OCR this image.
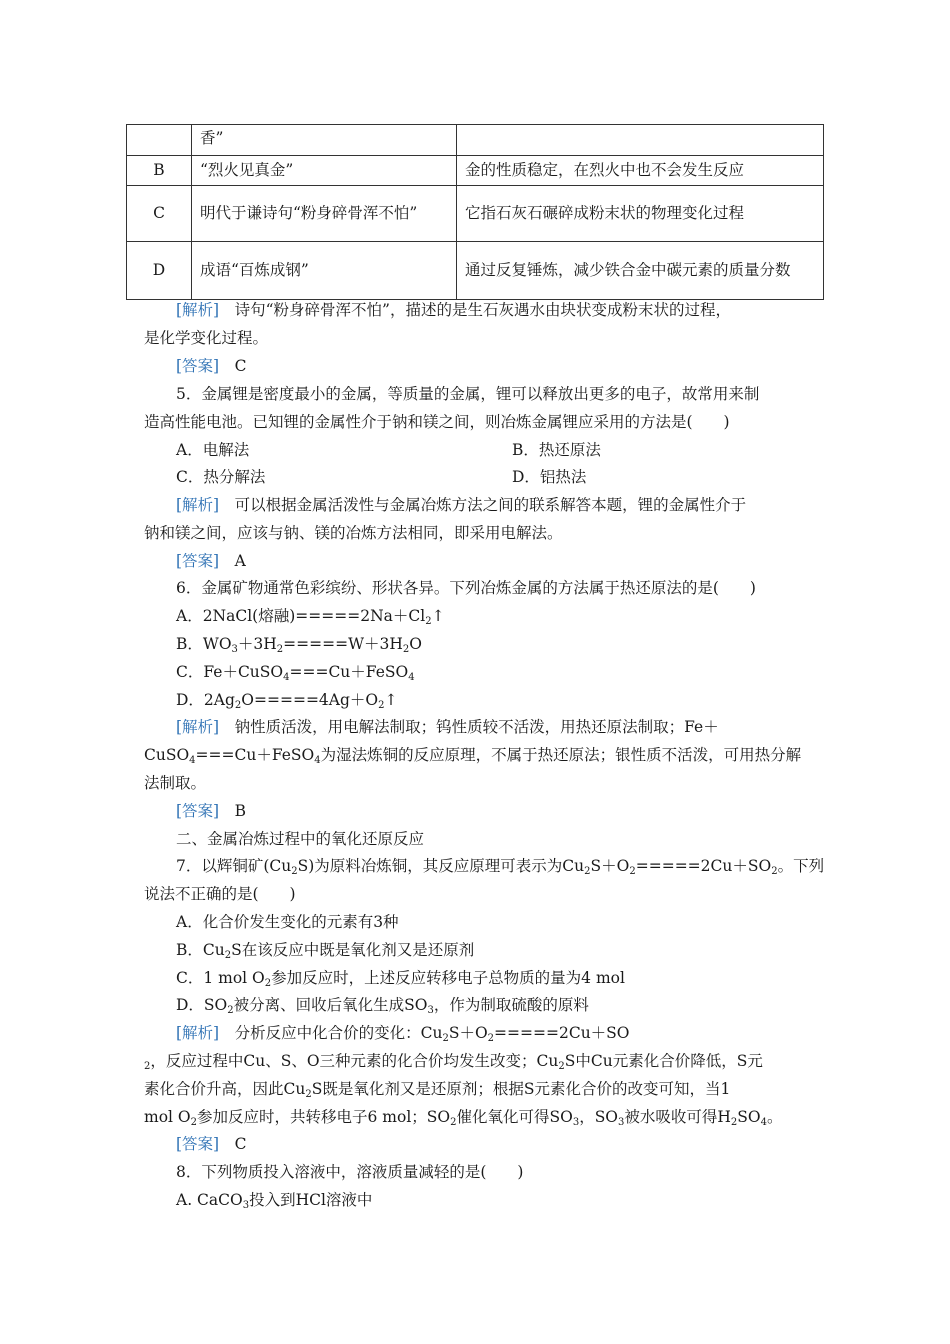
	香”	
B	“烈火见真金”	金的性质稳定，在烈火中也不会发生反应
C	明代于谦诗句“粉身碎骨浑不怕”	它指石灰石碾碎成粉末状的物理变化过程
D	成语“百炼成钢”	通过反复锤炼，减少铁合金中碳元素的质量分数
[解析]　 诗句“粉身碎骨浑不怕”，描述的是生石灰遇水由块状变成粉末状的过程，
是化学变化过程。
[答案]　 C
5．金属锂是密度最小的金属，等质量的金属，锂可以释放出更多的电子，故常用来制
造高性能电池。已知锂的金属性介于钠和镁之间，则冶炼金属锂应采用的方法是(　　)
A．电解法	B．热还原法
C．热分解法	D．铝热法
[解析]　 可以根据金属活泼性与金属冶炼方法之间的联系解答本题，锂的金属性介于
钠和镁之间，应该与钠、镁的冶炼方法相同，即采用电解法。
[答案]　 A
6．金属矿物通常色彩缤纷、形状各异。下列冶炼金属的方法属于热还原法的是(　　)
A．2NaCl(熔融)$=====2Na+Cl_2↑$
B．$WO_3+3H_2=====W+3H_2O$
C．Fe＋CuSO$_4$===Cu＋FeSO$_4$
D．$2Ag_2O=====4Ag+O_2↑$
[解析]　 钠性质活泼，用电解法制取；钨性质较不活泼，用热还原法制取；Fe＋
CuSO$_4$===Cu＋FeSO$_4$为湿法炼铜的反应原理，不属于热还原法；银性质不活泼，可用热分解
法制取。
[答案]　 B
二、金属冶炼过程中的氧化还原反应
7．以辉铜矿$(Cu_2S)$为原料冶炼铜，其反应原理可表示为$Cu_2S+O_2=====2Cu+SO_2$。下列
说法不正确的是(　　)
A．化合价发生变化的元素有3种
B．$Cu_2S$在该反应中既是氧化剂又是还原剂
C．1 mol $O_2$参加反应时，上述反应转移电子总物质的量为4 mol
D．$SO_2$被分离、回收后氧化生成$SO_3$，作为制取硫酸的原料
[解析]　 分析反应中化合价的变化：$Cu_2S+O_2=====2Cu+SO$
$_2$，反应过程中Cu、S、O三种元素的化合价均发生改变；$Cu_2S$中Cu元素化合价降低，S元
素化合价升高，因此$Cu_2S$既是氧化剂又是还原剂；根据S元素化合价的改变可知，当1
mol $O_2$参加反应时，共转移电子6 mol；$SO_2$催化氧化可得$SO_3$，$SO_3$被水吸收可得$H_2SO_4$。
[答案]　 C
8．下列物质投入溶液中，溶液质量减轻的是(　　)
A. CaCO$_3$投入到HCl溶液中
